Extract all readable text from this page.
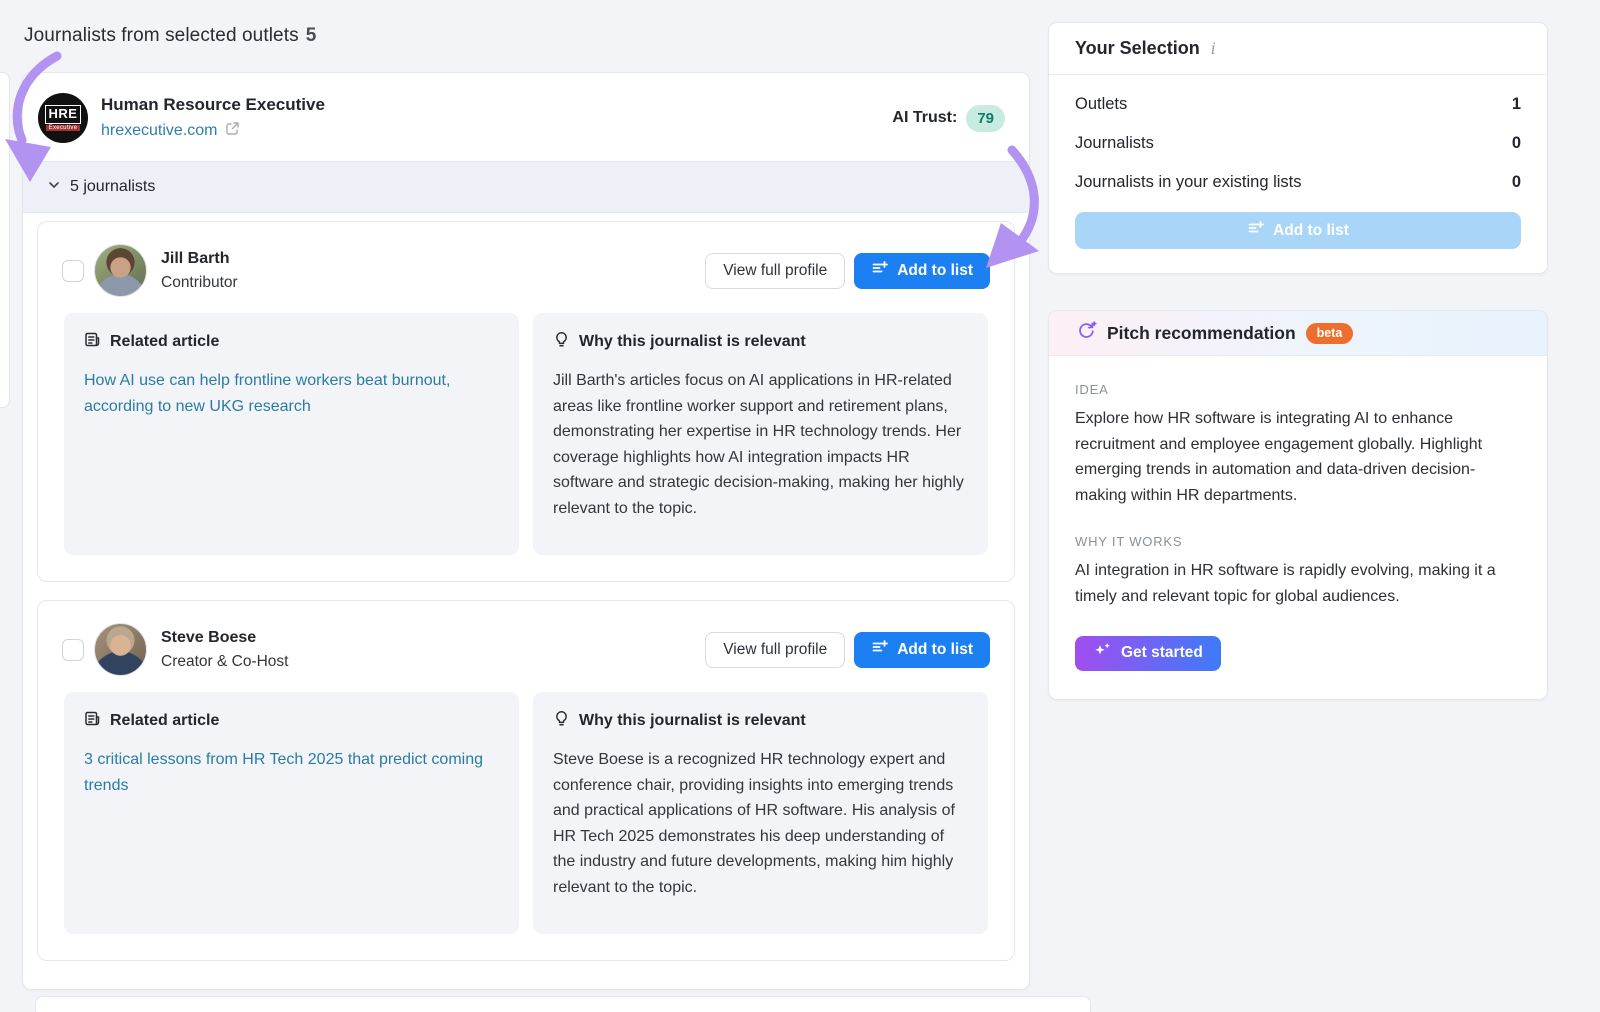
Journalists from selected outlets 5
HRE
Executive
Human Resource Executive
hrexecutive.com
AI Trust:	79
5 journalists
Jill Barth
Contributor
View full profile	Add to list
Related article
How AI use can help frontline workers beat burnout, according to new UKG research
Why this journalist is relevant
Jill Barth's articles focus on AI applications in HR-related areas like frontline worker support and retirement plans, demonstrating her expertise in HR technology trends. Her coverage highlights how AI integration impacts HR software and strategic decision-making, making her highly relevant to the topic.
Steve Boese
Creator & Co-Host
View full profile	Add to list
Related article
3 critical lessons from HR Tech 2025 that predict coming trends
Why this journalist is relevant
Steve Boese is a recognized HR technology expert and conference chair, providing insights into emerging trends and practical applications of HR software. His analysis of HR Tech 2025 demonstrates his deep understanding of the industry and future developments, making him highly relevant to the topic.
Your Selection i
Outlets	1
Journalists	0
Journalists in your existing lists	0
Add to list
Pitch recommendation	beta
IDEA
Explore how HR software is integrating AI to enhance recruitment and employee engagement globally. Highlight emerging trends in automation and data-driven decision-making within HR departments.
WHY IT WORKS
AI integration in HR software is rapidly evolving, making it a timely and relevant topic for global audiences.
Get started
